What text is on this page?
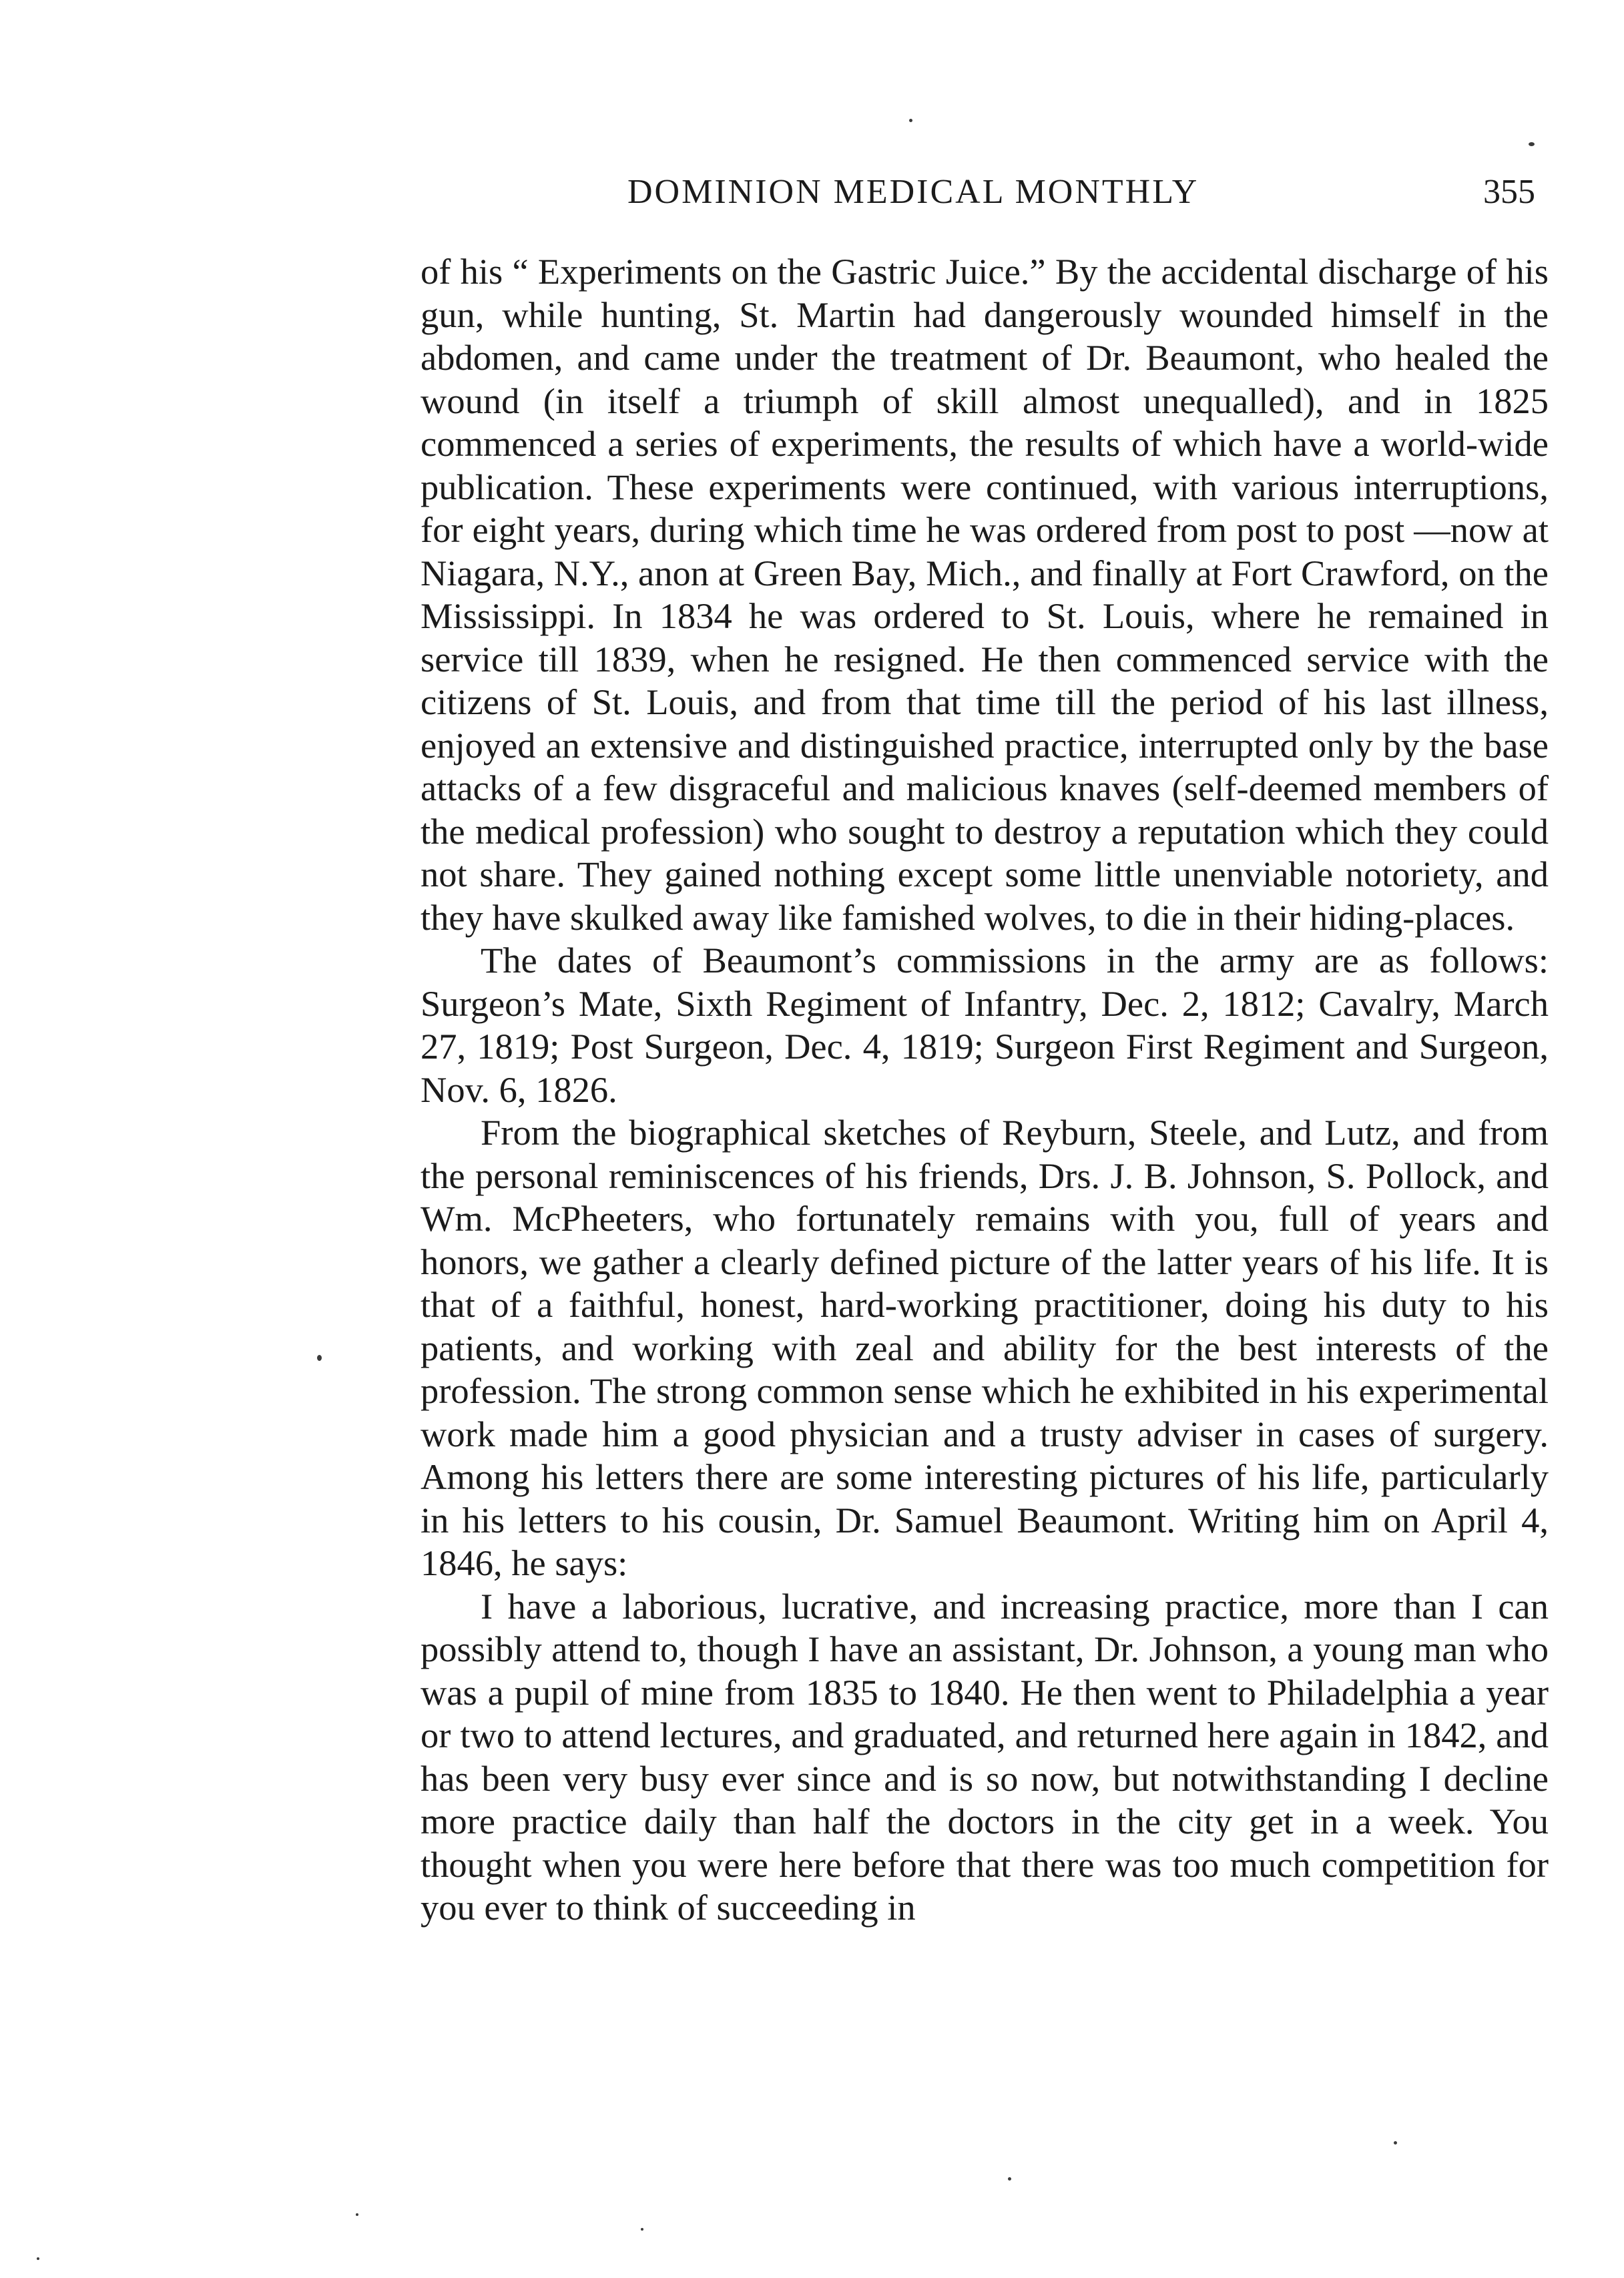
DOMINION MEDICAL MONTHLY	355

of his “ Experiments on the Gastric Juice.” By the accidental discharge of his gun, while hunting, St. Martin had dangerously wounded himself in the abdomen, and came under the treatment of Dr. Beaumont, who healed the wound (in itself a triumph of skill almost unequalled), and in 1825 commenced a series of experiments, the results of which have a world-wide publication. These experiments were continued, with various interruptions, for eight years, during which time he was ordered from post to post —now at Niagara, N.Y., anon at Green Bay, Mich., and finally at Fort Crawford, on the Mississippi. In 1834 he was ordered to St. Louis, where he remained in service till 1839, when he resigned. He then commenced service with the citizens of St. Louis, and from that time till the period of his last illness, enjoyed an extensive and distinguished practice, interrupted only by the base attacks of a few disgraceful and malicious knaves (self-deemed members of the medical profession) who sought to destroy a reputation which they could not share. They gained nothing except some little unenviable notoriety, and they have skulked away like famished wolves, to die in their hiding-places.

The dates of Beaumont’s commissions in the army are as follows: Surgeon’s Mate, Sixth Regiment of Infantry, Dec. 2, 1812; Cavalry, March 27, 1819; Post Surgeon, Dec. 4, 1819; Surgeon First Regiment and Surgeon, Nov. 6, 1826.

From the biographical sketches of Reyburn, Steele, and Lutz, and from the personal reminiscences of his friends, Drs. J. B. Johnson, S. Pollock, and Wm. McPheeters, who fortunately remains with you, full of years and honors, we gather a clearly defined picture of the latter years of his life. It is that of a faithful, honest, hard-working practitioner, doing his duty to his patients, and working with zeal and ability for the best interests of the profession. The strong common sense which he exhibited in his experimental work made him a good physician and a trusty adviser in cases of surgery. Among his letters there are some interesting pictures of his life, particularly in his letters to his cousin, Dr. Samuel Beaumont. Writing him on April 4, 1846, he says:

I have a laborious, lucrative, and increasing practice, more than I can possibly attend to, though I have an assistant, Dr. Johnson, a young man who was a pupil of mine from 1835 to 1840. He then went to Philadelphia a year or two to attend lectures, and graduated, and returned here again in 1842, and has been very busy ever since and is so now, but notwithstanding I decline more practice daily than half the doctors in the city get in a week. You thought when you were here before that there was too much competition for you ever to think of succeeding in
